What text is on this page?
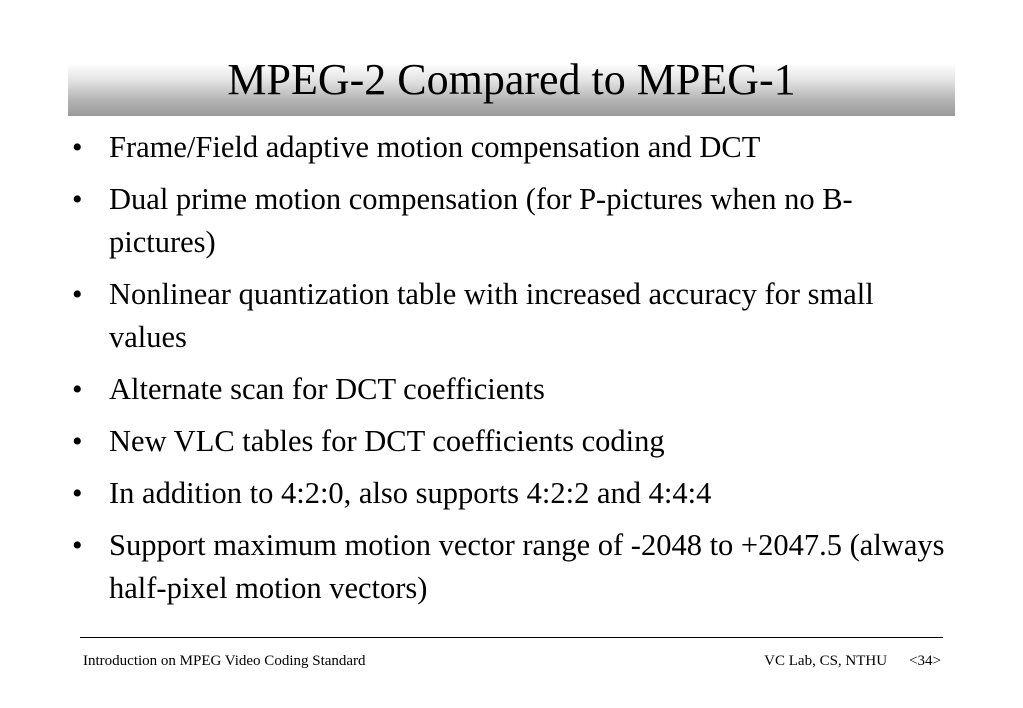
MPEG-2 Compared to MPEG-1
• Frame/Field adaptive motion compensation and DCT
• Dual prime motion compensation (for P-pictures when no B-pictures)
• Nonlinear quantization table with increased accuracy for small values
• Alternate scan for DCT coefficients
• New VLC tables for DCT coefficients coding
• In addition to 4:2:0, also supports 4:2:2 and 4:4:4
• Support maximum motion vector range of -2048 to +2047.5 (always half-pixel motion vectors)
Introduction on MPEG Video Coding Standard	VC Lab, CS, NTHU <34>
